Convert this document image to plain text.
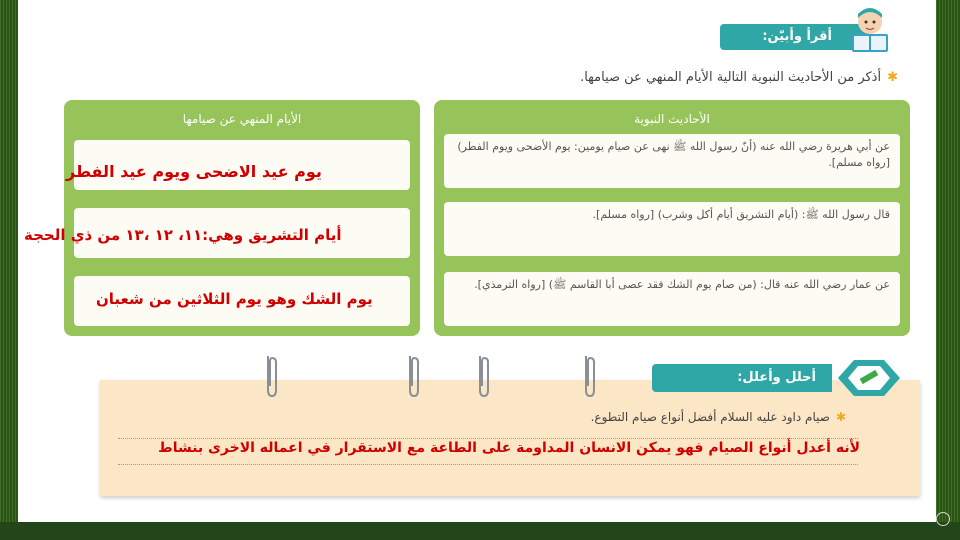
أقرأ وأبيّن:
✱أذكر من الأحاديث النبوية التالية الأيام المنهي عن صيامها.
الأحاديث النبوية
عن أبي هريرة رضي الله عنه (أنّ رسول الله ﷺ نهى عن صيام يومين: يوم الأضحى ويوم الفطر) [رواه مسلم].
قال رسول الله ﷺ: (أيام التشريق أيام أكل وشرب) [رواه مسلم].
عن عمار رضي الله عنه قال: (من صام يوم الشك فقد عصى أبا القاسم ﷺ) [رواه الترمذي].
الأيام المنهي عن صيامها
يوم عيد الاضحى ويوم عيد الفطر
أيام التشريق وهي:١١، ١٢ ،١٣ من ذي الحجة
يوم الشك وهو يوم الثلاثين من شعبان
أحلل وأعلل:
✱صيام داود عليه السلام أفضل أنواع صيام التطوع.
لأنه أعدل أنواع الصيام فهو يمكن الانسان المداومة على الطاعة مع الاستقرار في اعماله الاخرى بنشاط
